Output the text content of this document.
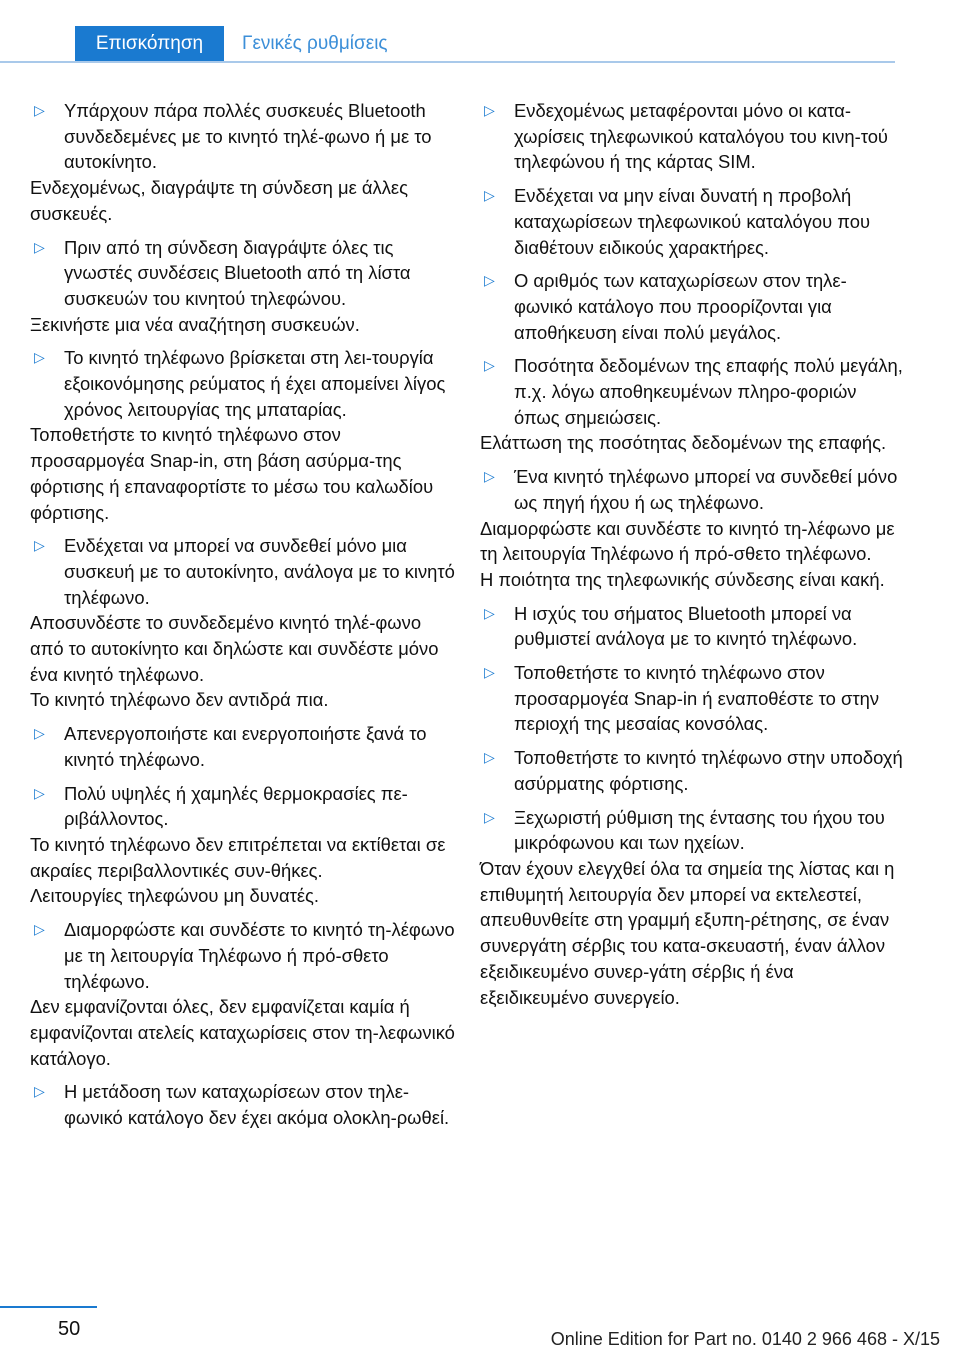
Επισκόπηση	Γενικές ρυθμίσεις
▷	Υπάρχουν πάρα πολλές συσκευές Bluetooth συνδεδεμένες με το κινητό τηλέ-φωνο ή με το αυτοκίνητο.

Ενδεχομένως, διαγράψτε τη σύνδεση με άλλες συσκευές.

▷	Πριν από τη σύνδεση διαγράψτε όλες τις γνωστές συνδέσεις Bluetooth από τη λίστα συσκευών του κινητού τηλεφώνου.

Ξεκινήστε μια νέα αναζήτηση συσκευών.

▷	Το κινητό τηλέφωνο βρίσκεται στη λει-τουργία εξοικονόμησης ρεύματος ή έχει απομείνει λίγος χρόνος λειτουργίας της μπαταρίας.

Τοποθετήστε το κινητό τηλέφωνο στον προσαρμογέα Snap-in, στη βάση ασύρμα-της φόρτισης ή επαναφορτίστε το μέσω του καλωδίου φόρτισης.

▷	Ενδέχεται να μπορεί να συνδεθεί μόνο μια συσκευή με το αυτοκίνητο, ανάλογα με το κινητό τηλέφωνο.

Αποσυνδέστε το συνδεδεμένο κινητό τηλέ-φωνο από το αυτοκίνητο και δηλώστε και συνδέστε μόνο ένα κινητό τηλέφωνο.

Το κινητό τηλέφωνο δεν αντιδρά πια.

▷	Απενεργοποιήστε και ενεργοποιήστε ξανά το κινητό τηλέφωνο.
▷	Πολύ υψηλές ή χαμηλές θερμοκρασίες πε-ριβάλλοντος.

Το κινητό τηλέφωνο δεν επιτρέπεται να εκτίθεται σε ακραίες περιβαλλοντικές συν-θήκες.

Λειτουργίες τηλεφώνου μη δυνατές.

▷	Διαμορφώστε και συνδέστε το κινητό τη-λέφωνο με τη λειτουργία Τηλέφωνο ή πρό-σθετο τηλέφωνο.

Δεν εμφανίζονται όλες, δεν εμφανίζεται καμία ή εμφανίζονται ατελείς καταχωρίσεις στον τη-λεφωνικό κατάλογο.

▷	Η μετάδοση των καταχωρίσεων στον τηλε-φωνικό κατάλογο δεν έχει ακόμα ολοκλη-ρωθεί.
▷	Ενδεχομένως μεταφέρονται μόνο οι κατα-χωρίσεις τηλεφωνικού καταλόγου του κινη-τού τηλεφώνου ή της κάρτας SIM.
▷	Ενδέχεται να μην είναι δυνατή η προβολή καταχωρίσεων τηλεφωνικού καταλόγου που διαθέτουν ειδικούς χαρακτήρες.
▷	Ο αριθμός των καταχωρίσεων στον τηλε-φωνικό κατάλογο που προορίζονται για αποθήκευση είναι πολύ μεγάλος.
▷	Ποσότητα δεδομένων της επαφής πολύ μεγάλη, π.χ. λόγω αποθηκευμένων πληρο-φοριών όπως σημειώσεις.

Ελάττωση της ποσότητας δεδομένων της επαφής.

▷	Ένα κινητό τηλέφωνο μπορεί να συνδεθεί μόνο ως πηγή ήχου ή ως τηλέφωνο.

Διαμορφώστε και συνδέστε το κινητό τη-λέφωνο με τη λειτουργία Τηλέφωνο ή πρό-σθετο τηλέφωνο.

Η ποιότητα της τηλεφωνικής σύνδεσης είναι κακή.

▷	Η ισχύς του σήματος Bluetooth μπορεί να ρυθμιστεί ανάλογα με το κινητό τηλέφωνο.
▷	Τοποθετήστε το κινητό τηλέφωνο στον προσαρμογέα Snap-in ή εναποθέστε το στην περιοχή της μεσαίας κονσόλας.
▷	Τοποθετήστε το κινητό τηλέφωνο στην υποδοχή ασύρματης φόρτισης.
▷	Ξεχωριστή ρύθμιση της έντασης του ήχου του μικρόφωνου και των ηχείων.

Όταν έχουν ελεγχθεί όλα τα σημεία της λίστας και η επιθυμητή λειτουργία δεν μπορεί να εκτελεστεί, απευθυνθείτε στη γραμμή εξυπη-ρέτησης, σε έναν συνεργάτη σέρβις του κατα-σκευαστή, έναν άλλον εξειδικευμένο συνερ-γάτη σέρβις ή ένα εξειδικευμένο συνεργείο.

50	Online Edition for Part no. 0140 2 966 468 - X/15
